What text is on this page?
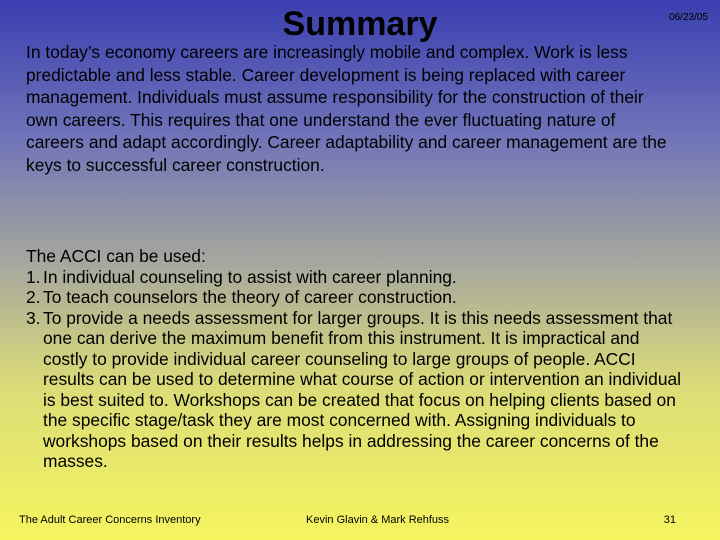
Summary	06/23/05
In today’s economy careers are increasingly mobile and complex. Work is less predictable and less stable. Career development is being replaced with career management. Individuals must assume responsibility for the construction of their own careers. This requires that one understand the ever fluctuating nature of careers and adapt accordingly. Career adaptability and career management are the keys to successful career construction.
The ACCI can be used:
1. In individual counseling to assist with career planning.
2. To teach counselors the theory of career construction.
3. To provide a needs assessment for larger groups. It is this needs assessment that one can derive the maximum benefit from this instrument. It is impractical and costly to provide individual career counseling to large groups of people. ACCI results can be used to determine what course of action or intervention an individual is best suited to. Workshops can be created that focus on helping clients based on the specific stage/task they are most concerned with. Assigning individuals to workshops based on their results helps in addressing the career concerns of the masses.
The Adult Career Concerns Inventory	Kevin Glavin & Mark Rehfuss	31
